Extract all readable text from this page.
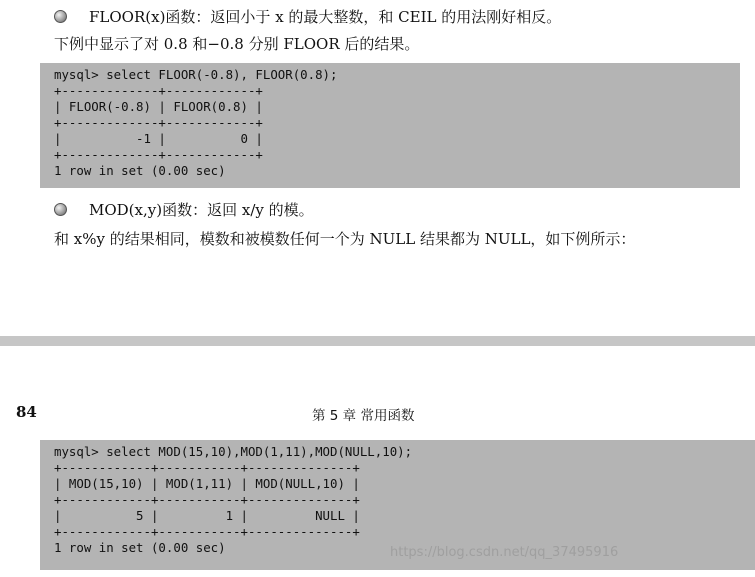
FLOOR(x)函数：返回小于 x 的最大整数，和 CEIL 的用法刚好相反。
下例中显示了对 0.8 和−0.8 分别 FLOOR 后的结果。
mysql> select FLOOR(-0.8), FLOOR(0.8);
+-------------+------------+
| FLOOR(-0.8) | FLOOR(0.8) |
+-------------+------------+
|          -1 |          0 |
+-------------+------------+
1 row in set (0.00 sec)
MOD(x,y)函数：返回 x/y 的模。
和 x%y 的结果相同，模数和被模数任何一个为 NULL 结果都为 NULL，如下例所示：
84	第 5 章 常用函数
mysql> select MOD(15,10),MOD(1,11),MOD(NULL,10);
+------------+-----------+--------------+
| MOD(15,10) | MOD(1,11) | MOD(NULL,10) |
+------------+-----------+--------------+
|          5 |         1 |         NULL |
+------------+-----------+--------------+
1 row in set (0.00 sec)	https://blog.csdn.net/qq_37495916
